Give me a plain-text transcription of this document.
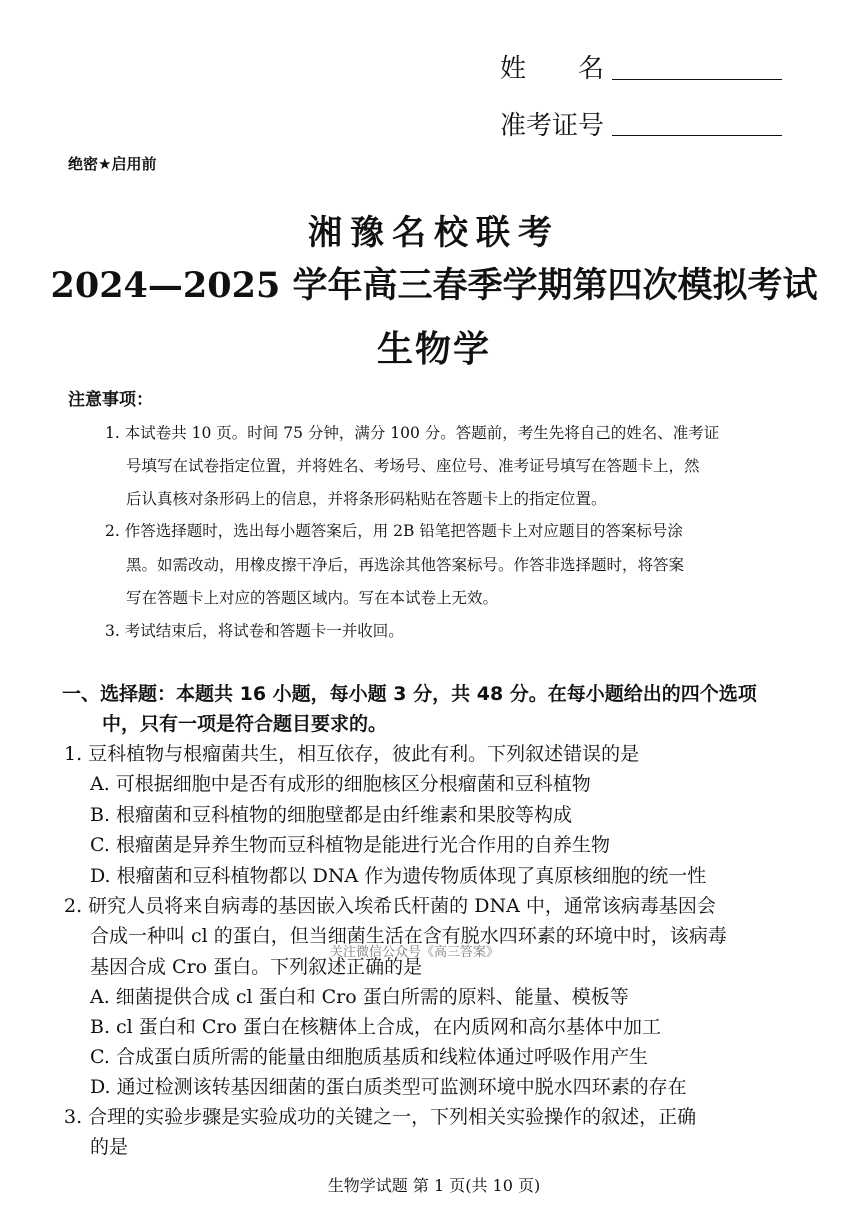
姓　　名
准考证号
绝密★启用前
湘豫名校联考
2024—2025 学年高三春季学期第四次模拟考试
生物学
注意事项：
1. 本试卷共 10 页。时间 75 分钟，满分 100 分。答题前，考生先将自己的姓名、准考证
号填写在试卷指定位置，并将姓名、考场号、座位号、准考证号填写在答题卡上，然
后认真核对条形码上的信息，并将条形码粘贴在答题卡上的指定位置。
2. 作答选择题时，选出每小题答案后，用 2B 铅笔把答题卡上对应题目的答案标号涂
黑。如需改动，用橡皮擦干净后，再选涂其他答案标号。作答非选择题时，将答案
写在答题卡上对应的答题区域内。写在本试卷上无效。
3. 考试结束后，将试卷和答题卡一并收回。
一、选择题：本题共 16 小题，每小题 3 分，共 48 分。在每小题给出的四个选项
中，只有一项是符合题目要求的。
1. 豆科植物与根瘤菌共生，相互依存，彼此有利。下列叙述错误的是
A. 可根据细胞中是否有成形的细胞核区分根瘤菌和豆科植物
B. 根瘤菌和豆科植物的细胞壁都是由纤维素和果胶等构成
C. 根瘤菌是异养生物而豆科植物是能进行光合作用的自养生物
D. 根瘤菌和豆科植物都以 DNA 作为遗传物质体现了真原核细胞的统一性
2. 研究人员将来自病毒的基因嵌入埃希氏杆菌的 DNA 中，通常该病毒基因会
合成一种叫 cl 的蛋白，但当细菌生活在含有脱水四环素的环境中时，该病毒
关注微信公众号《高三答案》
基因合成 Cro 蛋白。下列叙述正确的是
A. 细菌提供合成 cl 蛋白和 Cro 蛋白所需的原料、能量、模板等
B. cl 蛋白和 Cro 蛋白在核糖体上合成，在内质网和高尔基体中加工
C. 合成蛋白质所需的能量由细胞质基质和线粒体通过呼吸作用产生
D. 通过检测该转基因细菌的蛋白质类型可监测环境中脱水四环素的存在
3. 合理的实验步骤是实验成功的关键之一，下列相关实验操作的叙述，正确
的是
生物学试题 第 1 页(共 10 页)
